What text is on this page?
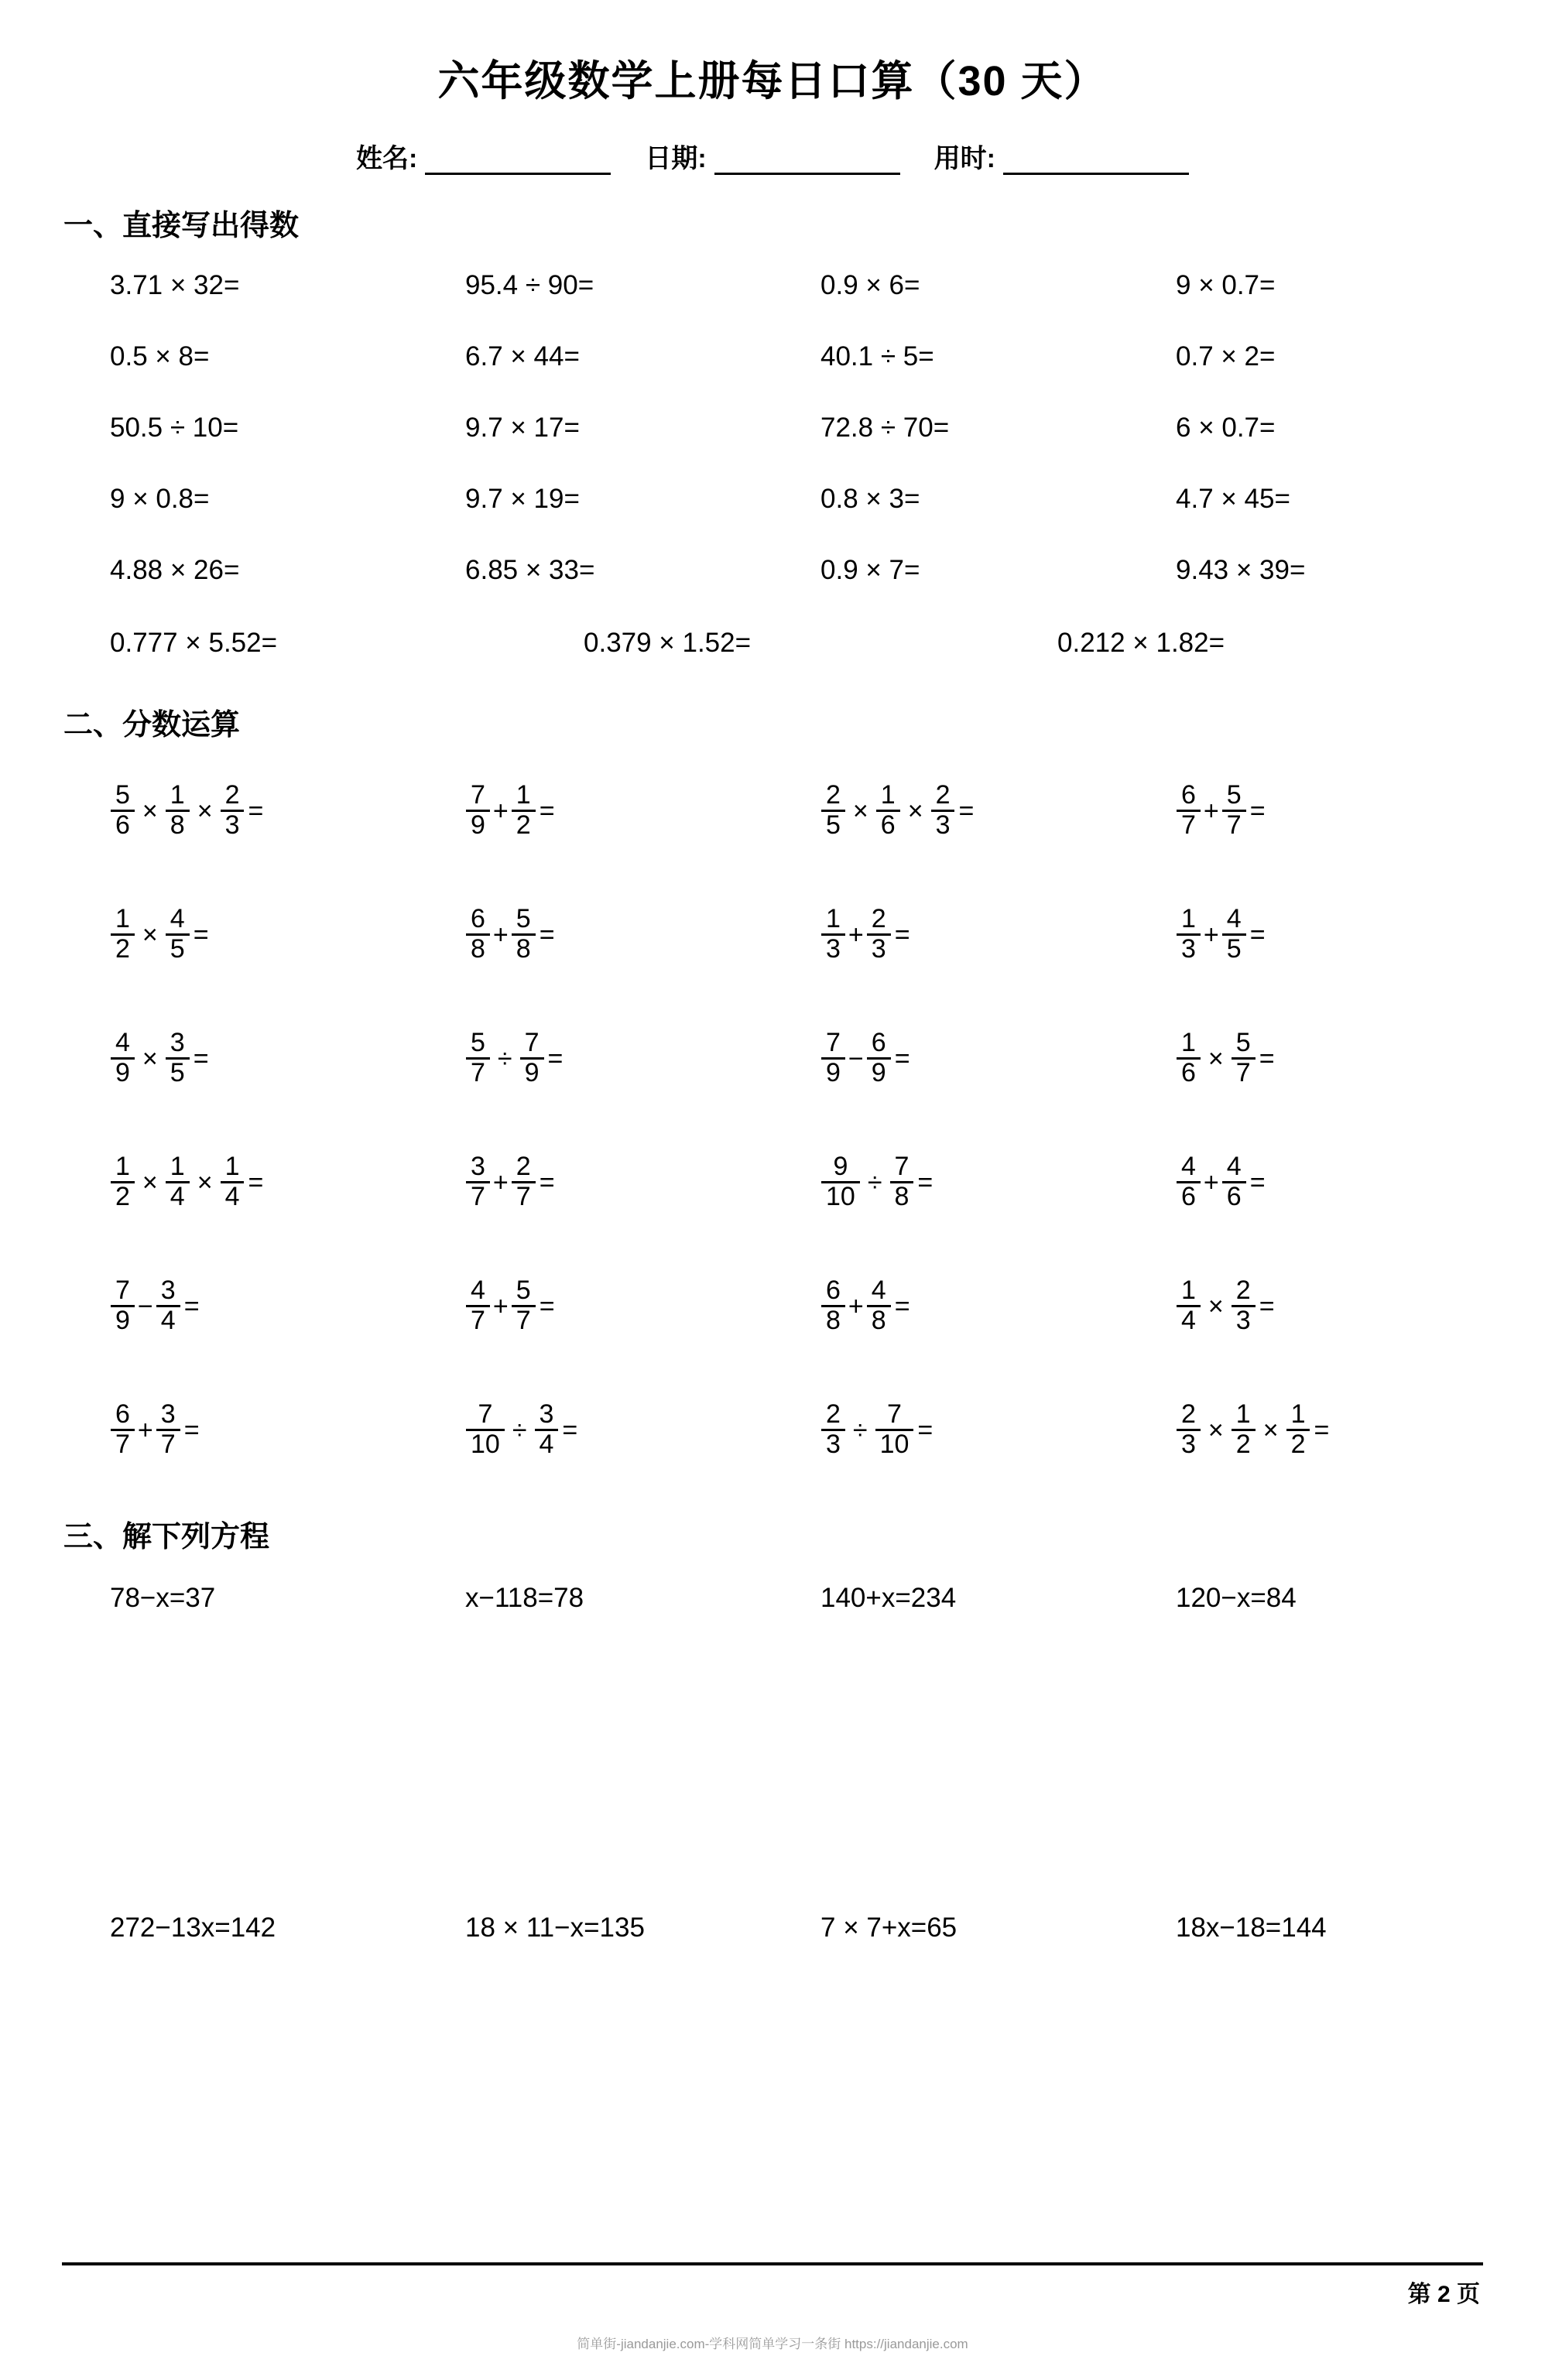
六年级数学上册每日口算（30 天）
姓名:	日期:	用时:
一、直接写出得数
3.71 × 32=	95.4 ÷ 90=	0.9 × 6=	9 × 0.7=
0.5 × 8=	6.7 × 44=	40.1 ÷ 5=	0.7 × 2=
50.5 ÷ 10=	9.7 × 17=	72.8 ÷ 70=	6 × 0.7=
9 × 0.8=	9.7 × 19=	0.8 × 3=	4.7 × 45=
4.88 × 26=	6.85 × 33=	0.9 × 7=	9.43 × 39=
0.777 × 5.52=	0.379 × 1.52=	0.212 × 1.82=
二、分数运算
$\frac{5}{6} \times \frac{1}{8} \times \frac{2}{3}$ =	$\frac{7}{9} + \frac{1}{2}$ =	$\frac{2}{5} \times \frac{1}{6} \times \frac{2}{3}$ =	$\frac{6}{7} + \frac{5}{7}$ =
$\frac{1}{2} \times \frac{4}{5}$ =	$\frac{6}{8} + \frac{5}{8}$ =	$\frac{1}{3} + \frac{2}{3}$ =	$\frac{1}{3} + \frac{4}{5}$ =
$\frac{4}{9} \times \frac{3}{5}$ =	$\frac{5}{7} \div \frac{7}{9}$ =	$\frac{7}{9} - \frac{6}{9}$ =	$\frac{1}{6} \times \frac{5}{7}$ =
$\frac{1}{2} \times \frac{1}{4} \times \frac{1}{4}$ =	$\frac{3}{7} + \frac{2}{7}$ =	$\frac{9}{10} \div \frac{7}{8}$ =	$\frac{4}{6} + \frac{4}{6}$ =
$\frac{7}{9} - \frac{3}{4}$ =	$\frac{4}{7} + \frac{5}{7}$ =	$\frac{6}{8} + \frac{4}{8}$ =	$\frac{1}{4} \times \frac{2}{3}$ =
$\frac{6}{7} + \frac{3}{7}$ =	$\frac{7}{10} \div \frac{3}{4}$ =	$\frac{2}{3} \div \frac{7}{10}$ =	$\frac{2}{3} \times \frac{1}{2} \times \frac{1}{2}$ =
三、解下列方程
78−x=37	x−118=78	140+x=234	120−x=84
272−13x=142	18 × 11−x=135	7 × 7+x=65	18x−18=144
第 2 页
简单街-jiandanjie.com-学科网简单学习一条街 https://jiandanjie.com
